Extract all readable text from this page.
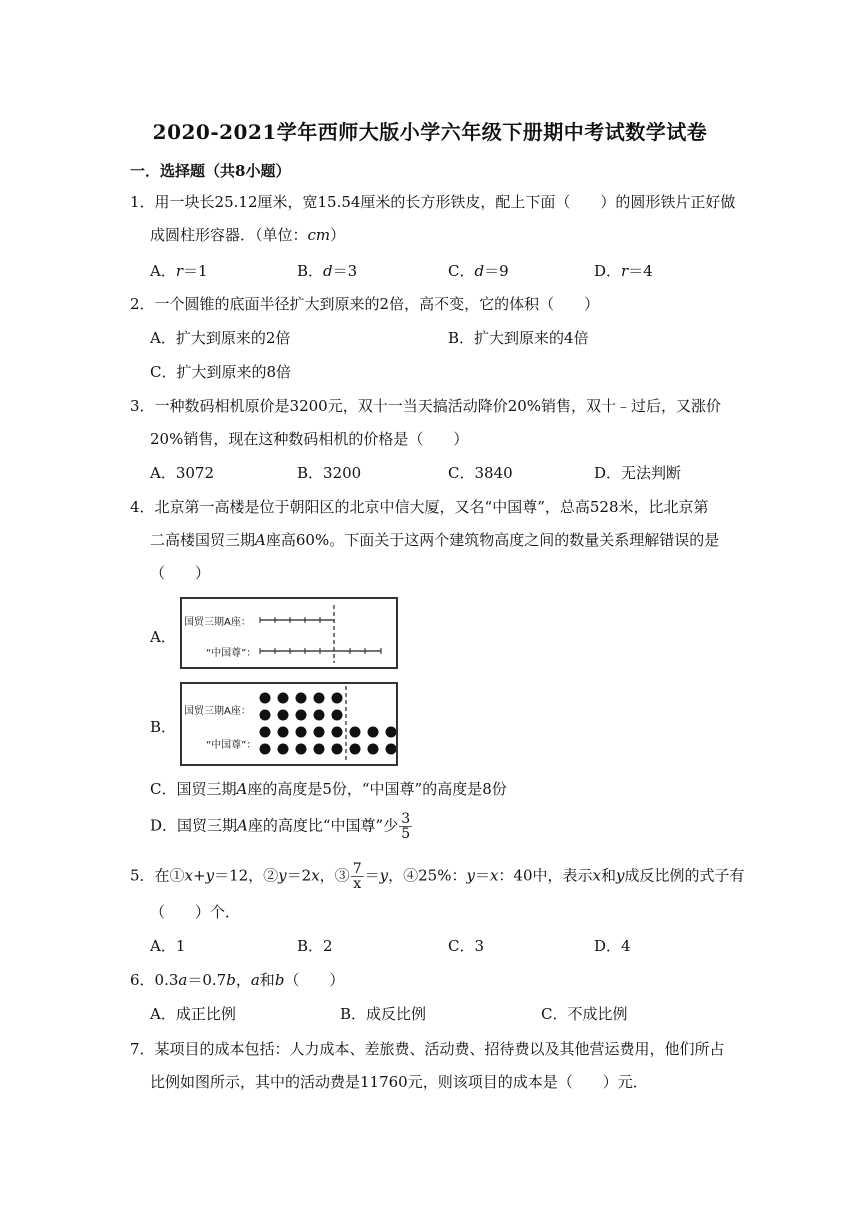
2020-2021学年西师大版小学六年级下册期中考试数学试卷
一．选择题（共8小题）
1．用一块长25.12厘米，宽15.54厘米的长方形铁皮，配上下面（　　）的圆形铁片正好做
成圆柱形容器．（单位：cm）
A．r＝1	B．d＝3	C．d＝9	D．r＝4
2．一个圆锥的底面半径扩大到原来的2倍，高不变，它的体积（　　）
A．扩大到原来的2倍	B．扩大到原来的4倍
C．扩大到原来的8倍
3．一种数码相机原价是3200元，双十一当天搞活动降价20%销售，双十﹣过后，又涨价
20%销售，现在这种数码相机的价格是（　　）
A．3072	B．3200	C．3840	D．无法判断
4．北京第一高楼是位于朝阳区的北京中信大厦，又名“中国尊”，总高528米，比北京第
二高楼国贸三期A座高60%。下面关于这两个建筑物高度之间的数量关系理解错误的是
（　　）
A．
国贸三期A座：
“中国尊”：
B．
国贸三期A座：
“中国尊”：
C．国贸三期A座的高度是5份，“中国尊”的高度是8份
D．国贸三期A座的高度比“中国尊”少 $\frac{3}{5}$
5．在①x+y＝12，②y＝2x，③ $\frac{7}{x} =y$，④25%：y＝x：40中，表示x和y成反比例的式子有
（　　）个．
A．1	B．2	C．3	D．4
6．0.3a＝0.7b，a和b（　　）
A．成正比例	B．成反比例	C．不成比例
7．某项目的成本包括：人力成本、差旅费、活动费、招待费以及其他营运费用，他们所占
比例如图所示，其中的活动费是11760元，则该项目的成本是（　　）元．
